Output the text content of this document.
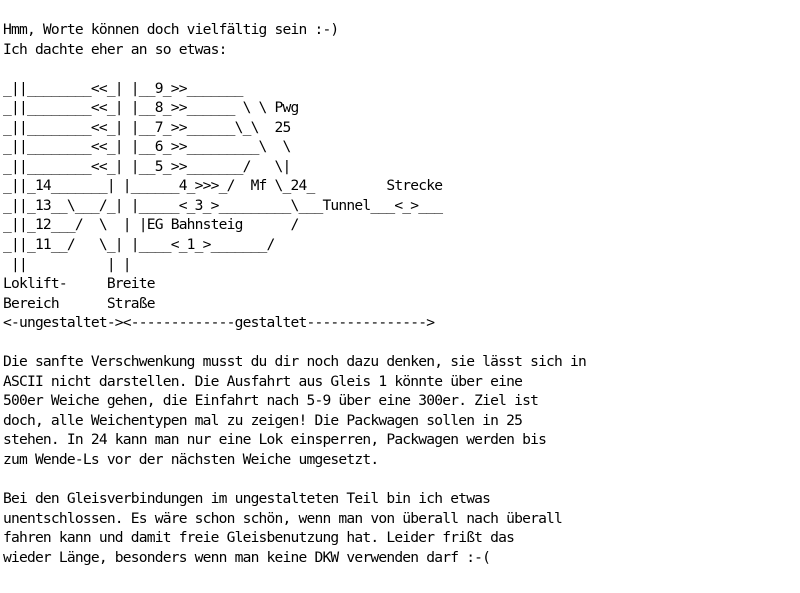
Hmm, Worte können doch vielfältig sein :-)
Ich dachte eher an so etwas:
_||________<<_| |__9_>>_______
_||________<<_| |__8_>>______ \ \ Pwg
_||________<<_| |__7_>>______\_\  25
_||________<<_| |__6_>>_________\  \
_||________<<_| |__5_>>_______/   \|
_||_14_______| |______4_>>>_/  Mf \_24_         Strecke
_||_13__\___/_| |_____<_3_>_________\___Tunnel___<_>___
_||_12___/  \  | |EG Bahnsteig      /
_||_11__/   \_| |____<_1_>_______/
||          | |
Loklift-     Breite
Bereich      Straße
<-ungestaltet-><-------------gestaltet--------------->
Die sanfte Verschwenkung musst du dir noch dazu denken, sie lässt sich in
ASCII nicht darstellen. Die Ausfahrt aus Gleis 1 könnte über eine
500er Weiche gehen, die Einfahrt nach 5-9 über eine 300er. Ziel ist
doch, alle Weichentypen mal zu zeigen! Die Packwagen sollen in 25
stehen. In 24 kann man nur eine Lok einsperren, Packwagen werden bis
zum Wende-Ls vor der nächsten Weiche umgesetzt.
Bei den Gleisverbindungen im ungestalteten Teil bin ich etwas
unentschlossen. Es wäre schon schön, wenn man von überall nach überall
fahren kann und damit freie Gleisbenutzung hat. Leider frißt das
wieder Länge, besonders wenn man keine DKW verwenden darf :-(
